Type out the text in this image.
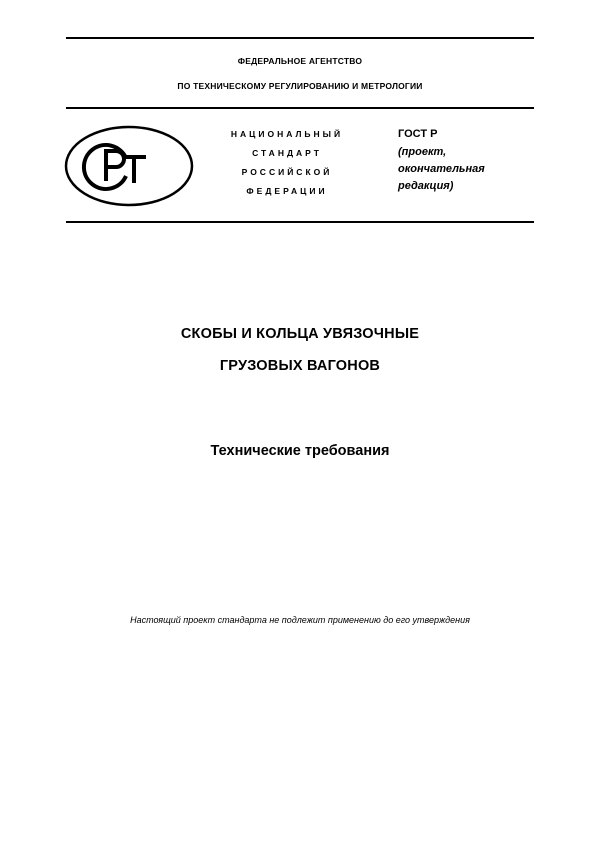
ФЕДЕРАЛЬНОЕ АГЕНТСТВО
ПО ТЕХНИЧЕСКОМУ РЕГУЛИРОВАНИЮ И МЕТРОЛОГИИ
НАЦИОНАЛЬНЫЙ
СТАНДАРТ
РОССИЙСКОЙ
ФЕДЕРАЦИИ
ГОСТ Р
(проект,
окончательная
редакция)
СКОБЫ И КОЛЬЦА УВЯЗОЧНЫЕ
ГРУЗОВЫХ ВАГОНОВ
Технические требования
Настоящий проект стандарта не подлежит применению до его утверждения
